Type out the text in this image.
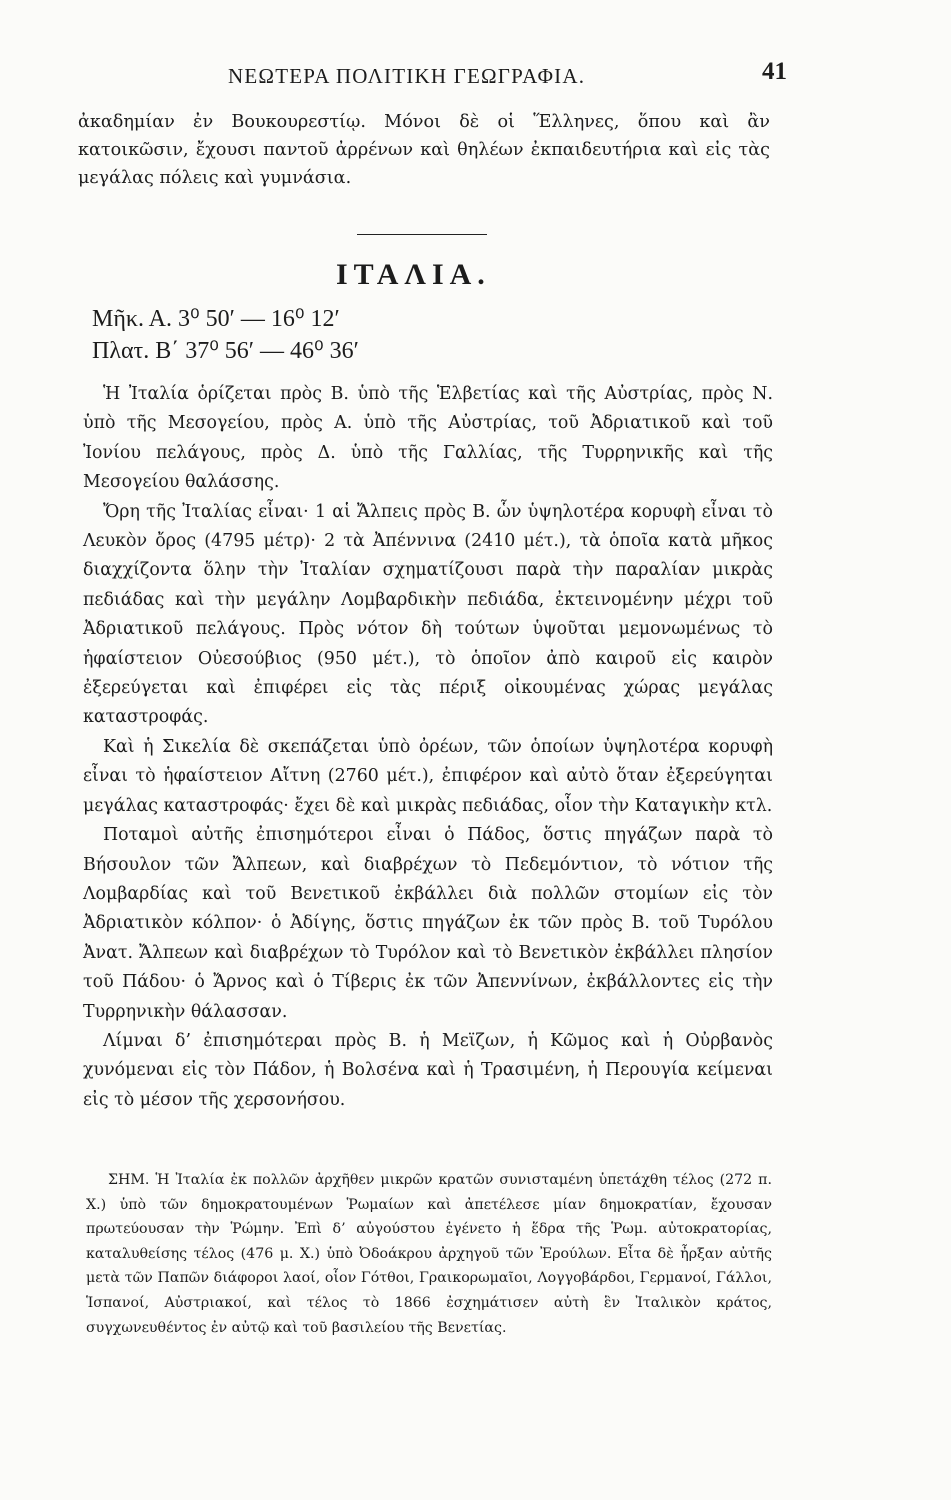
ΝΕΩΤΕΡΑ ΠΟΛΙΤΙΚΗ ΓΕΩΓΡΑΦΙΑ.	41

ἀκαδημίαν ἐν Βουκουρεστίῳ. Μόνοι δὲ οἱ Ἕλληνες, ὅπου καὶ ἂν κατοικῶσιν, ἔχουσι παντοῦ ἀρρένων καὶ θηλέων ἐκπαιδευτήρια καὶ εἰς τὰς μεγάλας πόλεις καὶ γυμνάσια.

ΙΤΑΛΙΑ.
Μῆκ. Α. 3⁰ 50′ — 16⁰ 12′
Πλατ. Β΄ 37⁰ 56′ — 46⁰ 36′

Ἡ Ἰταλία ὁρίζεται πρὸς Β. ὑπὸ τῆς Ἑλβετίας καὶ τῆς Αὐστρίας, πρὸς Ν. ὑπὸ τῆς Μεσογείου, πρὸς Α. ὑπὸ τῆς Αὐστρίας, τοῦ Ἀδριατικοῦ καὶ τοῦ Ἰονίου πελάγους, πρὸς Δ. ὑπὸ τῆς Γαλλίας, τῆς Τυρρηνικῆς καὶ τῆς Μεσογείου θαλάσσης.

Ὄρη τῆς Ἰταλίας εἶναι· 1 αἱ Ἄλπεις πρὸς Β. ὧν ὑψηλοτέρα κορυφὴ εἶναι τὸ Λευκὸν ὄρος (4795 μέτρ)· 2 τὰ Ἀπέννινα (2410 μέτ.), τὰ ὁποῖα κατὰ μῆκος διαχχίζοντα ὅλην τὴν Ἰταλίαν σχηματίζουσι παρὰ τὴν παραλίαν μικρὰς πεδιάδας καὶ τὴν μεγάλην Λομβαρδικὴν πεδιάδα, ἐκτεινομένην μέχρι τοῦ Ἀδριατικοῦ πελάγους. Πρὸς νότον δὴ τούτων ὑψοῦται μεμονωμένως τὸ ἡφαίστειον Οὐεσούβιος (950 μέτ.), τὸ ὁποῖον ἀπὸ καιροῦ εἰς καιρὸν ἐξερεύγεται καὶ ἐπιφέρει εἰς τὰς πέριξ οἰκουμένας χώρας μεγάλας καταστροφάς.

Καὶ ἡ Σικελία δὲ σκεπάζεται ὑπὸ ὀρέων, τῶν ὁποίων ὑψηλοτέρα κορυφὴ εἶναι τὸ ἡφαίστειον Αἴτνη (2760 μέτ.), ἐπιφέρον καὶ αὐτὸ ὅταν ἐξερεύγηται μεγάλας καταστροφάς· ἔχει δὲ καὶ μικρὰς πεδιάδας, οἷον τὴν Καταγικὴν κτλ.

Ποταμοὶ αὐτῆς ἐπισημότεροι εἶναι ὁ Πάδος, ὅστις πηγάζων παρὰ τὸ Βήσουλον τῶν Ἄλπεων, καὶ διαβρέχων τὸ Πεδεμόντιον, τὸ νότιον τῆς Λομβαρδίας καὶ τοῦ Βενετικοῦ ἐκβάλλει διὰ πολλῶν στομίων εἰς τὸν Ἀδριατικὸν κόλπον· ὁ Ἀδίγης, ὅστις πηγάζων ἐκ τῶν πρὸς Β. τοῦ Τυρόλου Ἀνατ. Ἄλπεων καὶ διαβρέχων τὸ Τυρόλον καὶ τὸ Βενετικὸν ἐκβάλλει πλησίον τοῦ Πάδου· ὁ Ἄρνος καὶ ὁ Τίβερις ἐκ τῶν Ἀπεννίνων, ἐκβάλλοντες εἰς τὴν Τυρρηνικὴν θάλασσαν.

Λίμναι δ’ ἐπισημότεραι πρὸς Β. ἡ Μεϊζων, ἡ Κῶμος καὶ ἡ Οὐρβανὸς χυνόμεναι εἰς τὸν Πάδον, ἡ Βολσένα καὶ ἡ Τρασιμένη, ἡ Περουγία κείμεναι εἰς τὸ μέσον τῆς χερσονήσου.

ΣΗΜ. Ἡ Ἰταλία ἐκ πολλῶν ἀρχῆθεν μικρῶν κρατῶν συνισταμένη ὑπετάχθη τέλος (272 π. Χ.) ὑπὸ τῶν δημοκρατουμένων Ῥωμαίων καὶ ἀπετέλεσε μίαν δημοκρατίαν, ἔχουσαν πρωτεύουσαν τὴν Ῥώμην. Ἐπὶ δ’ αὐγούστου ἐγένετο ἡ ἕδρα τῆς Ῥωμ. αὐτοκρατορίας, καταλυθείσης τέλος (476 μ. Χ.) ὑπὸ Ὀδοάκρου ἀρχηγοῦ τῶν Ἐρούλων. Εἶτα δὲ ἦρξαν αὐτῆς μετὰ τῶν Παπῶν διάφοροι λαοί, οἷον Γότθοι, Γραικορωμαῖοι, Λογγοβάρδοι, Γερμανοί, Γάλλοι, Ἱσπανοί, Αὐστριακοί, καὶ τέλος τὸ 1866 ἐσχημάτισεν αὐτὴ ἓν Ἰταλικὸν κράτος, συγχωνευθέντος ἐν αὐτῷ καὶ τοῦ βασιλείου τῆς Βενετίας.
